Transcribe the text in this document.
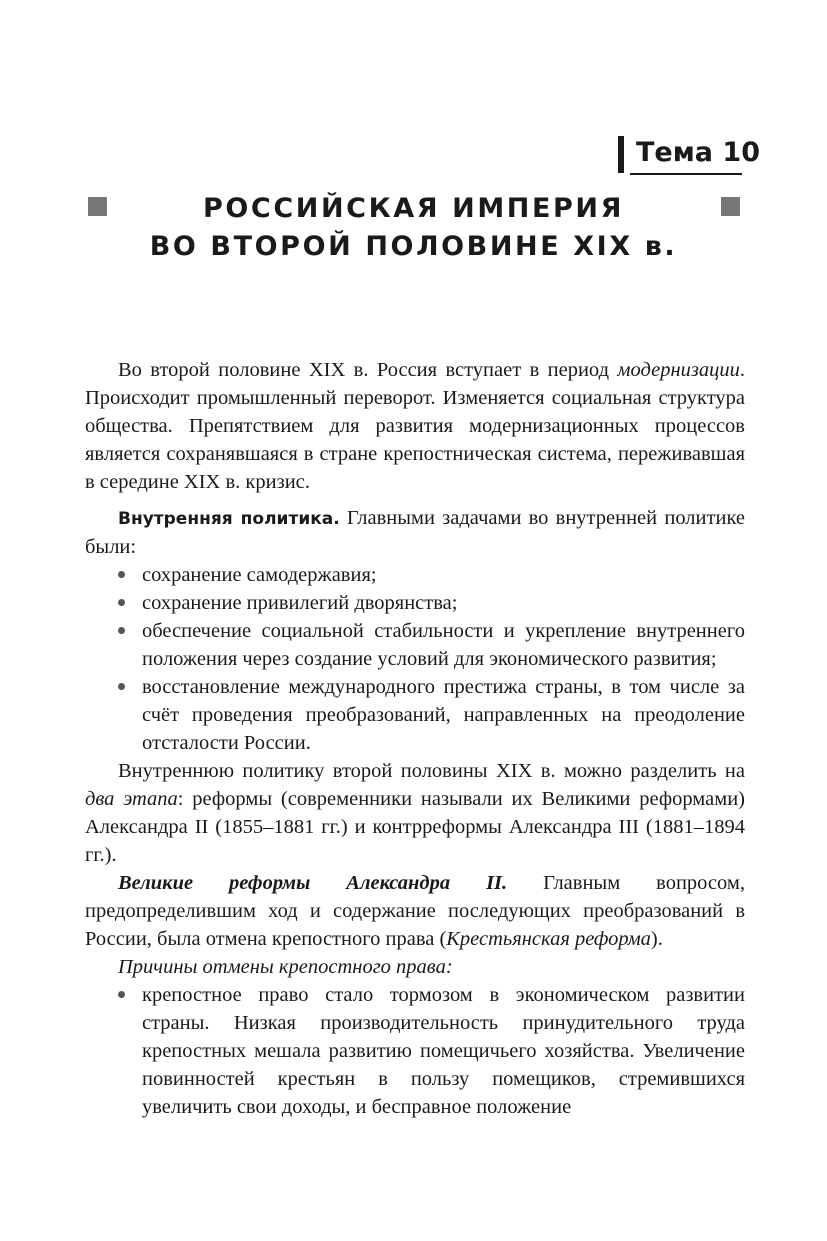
Тема 10
РОССИЙСКАЯ ИМПЕРИЯ
ВО ВТОРОЙ ПОЛОВИНЕ XIX в.

Во второй половине XIX в. Россия вступает в период модернизации. Происходит промышленный переворот. Изменяется социальная структура общества. Препятствием для развития модернизационных процессов является сохранявшаяся в стране крепостническая система, переживавшая в середине XIX в. кризис.

Внутренняя политика. Главными задачами во внутренней политике были:

сохранение самодержавия;
сохранение привилегий дворянства;
обеспечение социальной стабильности и укрепление внутреннего положения через создание условий для экономического развития;
восстановление международного престижа страны, в том числе за счёт проведения преобразований, направленных на преодоление отсталости России.

Внутреннюю политику второй половины XIX в. можно разделить на два этапа: реформы (современники называли их Великими реформами) Александра II (1855–1881 гг.) и контрреформы Александра III (1881–1894 гг.).

Великие реформы Александра II. Главным вопросом, предопределившим ход и содержание последующих преобразований в России, была отмена крепостного права (Крестьянская реформа).

Причины отмены крепостного права:

крепостное право стало тормозом в экономическом развитии страны. Низкая производительность принудительного труда крепостных мешала развитию помещичьего хозяйства. Увеличение повинностей крестьян в пользу помещиков, стремившихся увеличить свои доходы, и бесправное положение
